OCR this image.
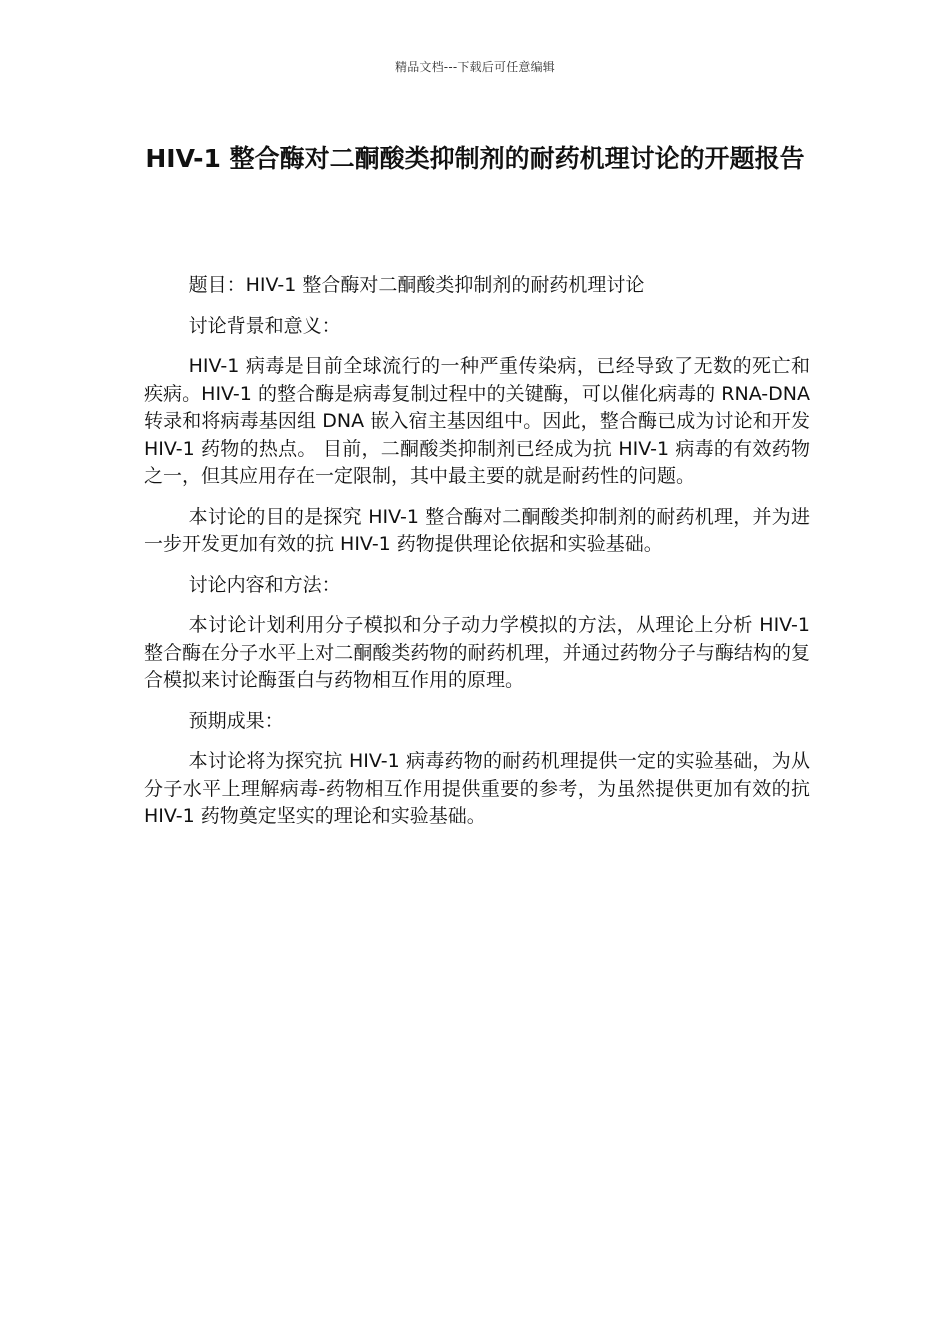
精品文档---下载后可任意编辑
HIV-1 整合酶对二酮酸类抑制剂的耐药机理讨论的开题报告

题目：HIV-1 整合酶对二酮酸类抑制剂的耐药机理讨论

讨论背景和意义：

HIV-1 病毒是目前全球流行的一种严重传染病，已经导致了无数的死亡和疾病。HIV-1 的整合酶是病毒复制过程中的关键酶，可以催化病毒的 RNA-DNA 转录和将病毒基因组 DNA 嵌入宿主基因组中。因此，整合酶已成为讨论和开发 HIV-1 药物的热点。 目前，二酮酸类抑制剂已经成为抗 HIV-1 病毒的有效药物之一，但其应用存在一定限制，其中最主要的就是耐药性的问题。

本讨论的目的是探究 HIV-1 整合酶对二酮酸类抑制剂的耐药机理，并为进一步开发更加有效的抗 HIV-1 药物提供理论依据和实验基础。

讨论内容和方法：

本讨论计划利用分子模拟和分子动力学模拟的方法，从理论上分析 HIV-1 整合酶在分子水平上对二酮酸类药物的耐药机理，并通过药物分子与酶结构的复合模拟来讨论酶蛋白与药物相互作用的原理。

预期成果：

本讨论将为探究抗 HIV-1 病毒药物的耐药机理提供一定的实验基础，为从分子水平上理解病毒-药物相互作用提供重要的参考，为虽然提供更加有效的抗 HIV-1 药物奠定坚实的理论和实验基础。
